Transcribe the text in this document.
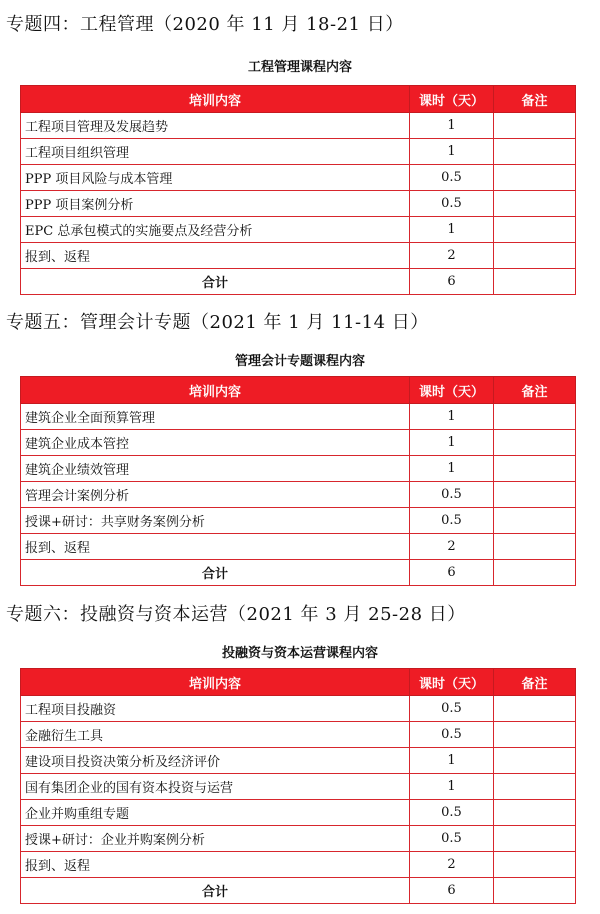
专题四：工程管理（2020 年 11 月 18-21 日）
工程管理课程内容
培训内容	课时（天）	备注
工程项目管理及发展趋势	1	
工程项目组织管理	1	
PPP 项目风险与成本管理	0.5	
PPP 项目案例分析	0.5	
EPC 总承包模式的实施要点及经营分析	1	
报到、返程	2	
合计	6	
专题五：管理会计专题（2021 年 1 月 11-14 日）
管理会计专题课程内容
培训内容	课时（天）	备注
建筑企业全面预算管理	1	
建筑企业成本管控	1	
建筑企业绩效管理	1	
管理会计案例分析	0.5	
授课+研讨：共享财务案例分析	0.5	
报到、返程	2	
合计	6	
专题六：投融资与资本运营（2021 年 3 月 25-28 日）
投融资与资本运营课程内容
培训内容	课时（天）	备注
工程项目投融资	0.5	
金融衍生工具	0.5	
建设项目投资决策分析及经济评价	1	
国有集团企业的国有资本投资与运营	1	
企业并购重组专题	0.5	
授课+研讨：企业并购案例分析	0.5	
报到、返程	2	
合计	6	
